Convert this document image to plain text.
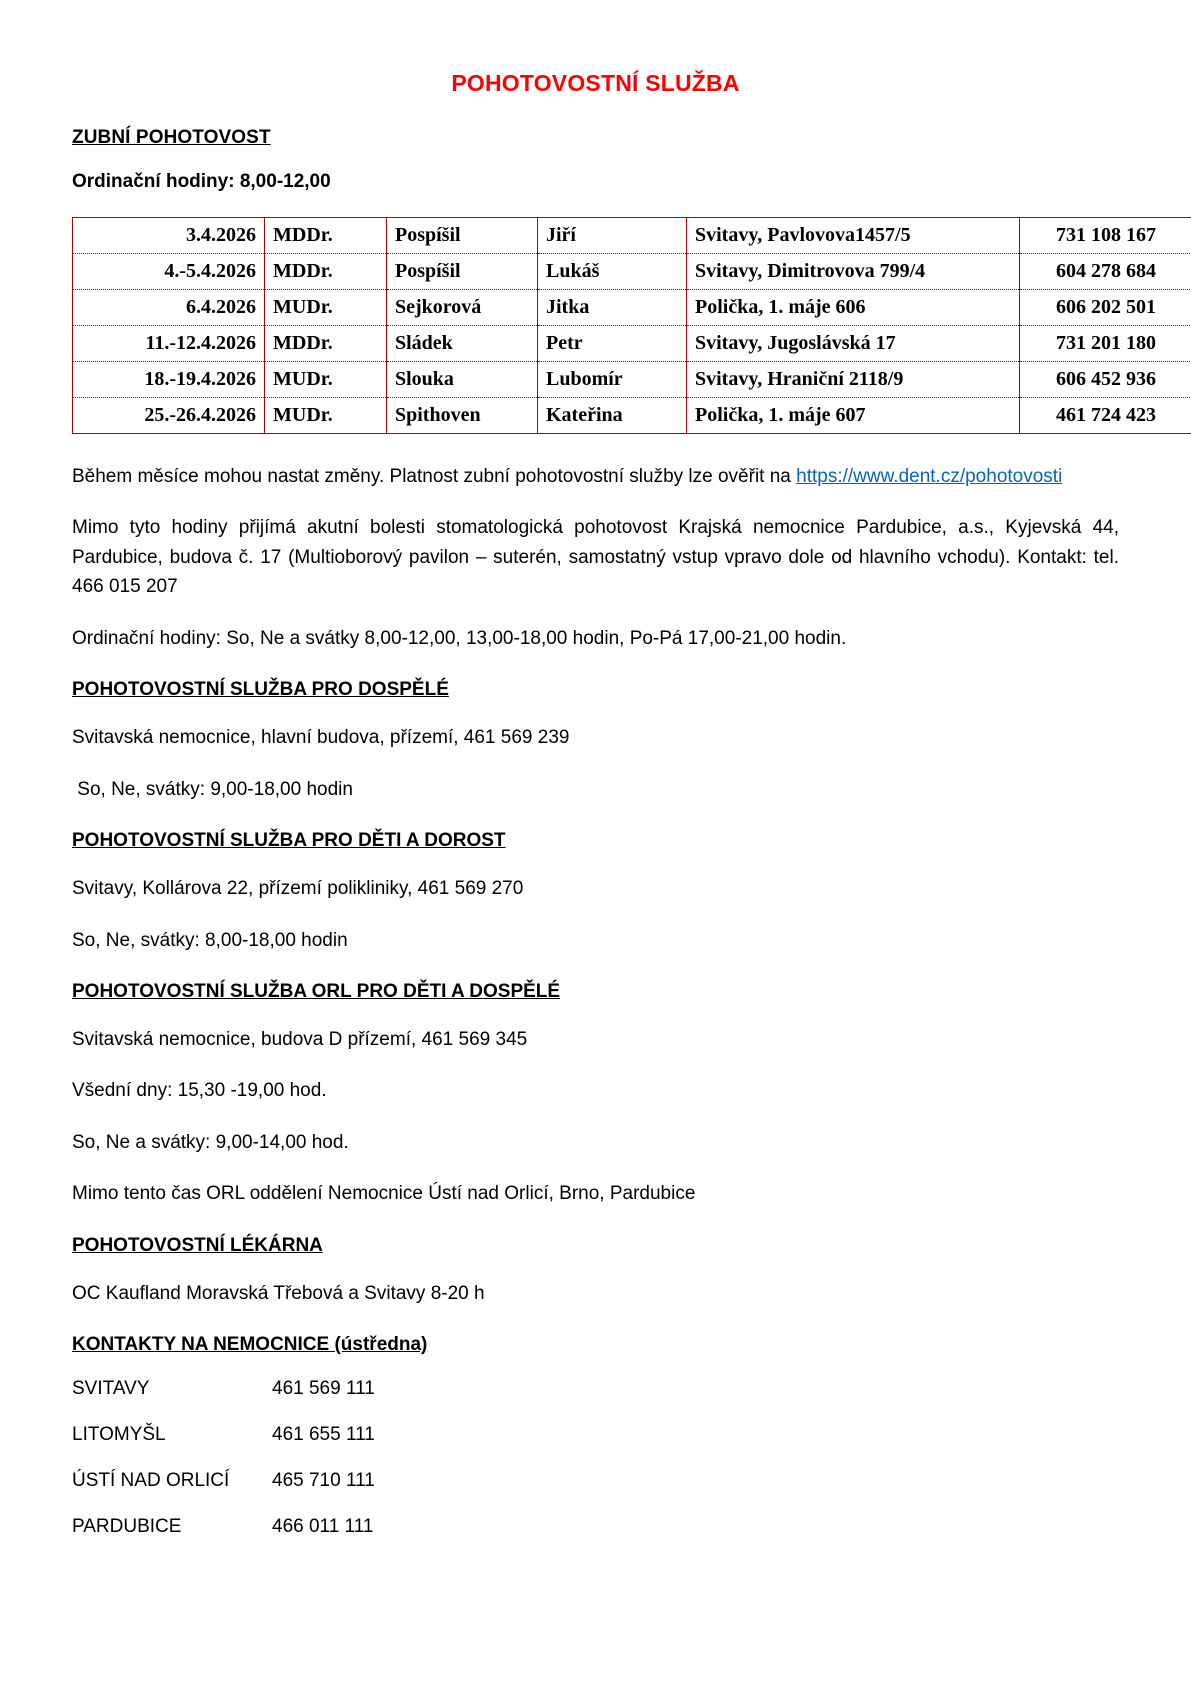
POHOTOVOSTNÍ SLUŽBA
ZUBNÍ POHOTOVOST
Ordinační hodiny: 8,00-12,00
3.4.2026	MDDr.	Pospíšil	Jiří	Svitavy, Pavlovova1457/5	731 108 167
4.-5.4.2026	MDDr.	Pospíšil	Lukáš	Svitavy, Dimitrovova 799/4	604 278 684
6.4.2026	MUDr.	Sejkorová	Jitka	Polička, 1. máje 606	606 202 501
11.-12.4.2026	MDDr.	Sládek	Petr	Svitavy, Jugoslávská 17	731 201 180
18.-19.4.2026	MUDr.	Slouka	Lubomír	Svitavy, Hraniční 2118/9	606 452 936
25.-26.4.2026	MUDr.	Spithoven	Kateřina	Polička, 1. máje 607	461 724 423

Během měsíce mohou nastat změny. Platnost zubní pohotovostní služby lze ověřit na https://www.dent.cz/pohotovosti

Mimo tyto hodiny přijímá akutní bolesti stomatologická pohotovost Krajská nemocnice Pardubice, a.s., Kyjevská 44, Pardubice, budova č. 17 (Multioborový pavilon – suterén, samostatný vstup vpravo dole od hlavního vchodu). Kontakt: tel. 466 015 207

Ordinační hodiny: So, Ne a svátky 8,00-12,00, 13,00-18,00 hodin, Po-Pá 17,00-21,00 hodin.

POHOTOVOSTNÍ SLUŽBA PRO DOSPĚLÉ

Svitavská nemocnice, hlavní budova, přízemí, 461 569 239

So, Ne, svátky: 9,00-18,00 hodin

POHOTOVOSTNÍ SLUŽBA PRO DĚTI A DOROST

Svitavy, Kollárova 22, přízemí polikliniky, 461 569 270

So, Ne, svátky: 8,00-18,00 hodin

POHOTOVOSTNÍ SLUŽBA ORL PRO DĚTI A DOSPĚLÉ

Svitavská nemocnice, budova D přízemí, 461 569 345

Všední dny: 15,30 -19,00 hod.

So, Ne a svátky: 9,00-14,00 hod.

Mimo tento čas ORL oddělení Nemocnice Ústí nad Orlicí, Brno, Pardubice

POHOTOVOSTNÍ LÉKÁRNA

OC Kaufland Moravská Třebová a Svitavy 8-20 h

KONTAKTY NA NEMOCNICE (ústředna)
SVITAVY	461 569 111
LITOMYŠL	461 655 111
ÚSTÍ NAD ORLICÍ	465 710 111
PARDUBICE	466 011 111
